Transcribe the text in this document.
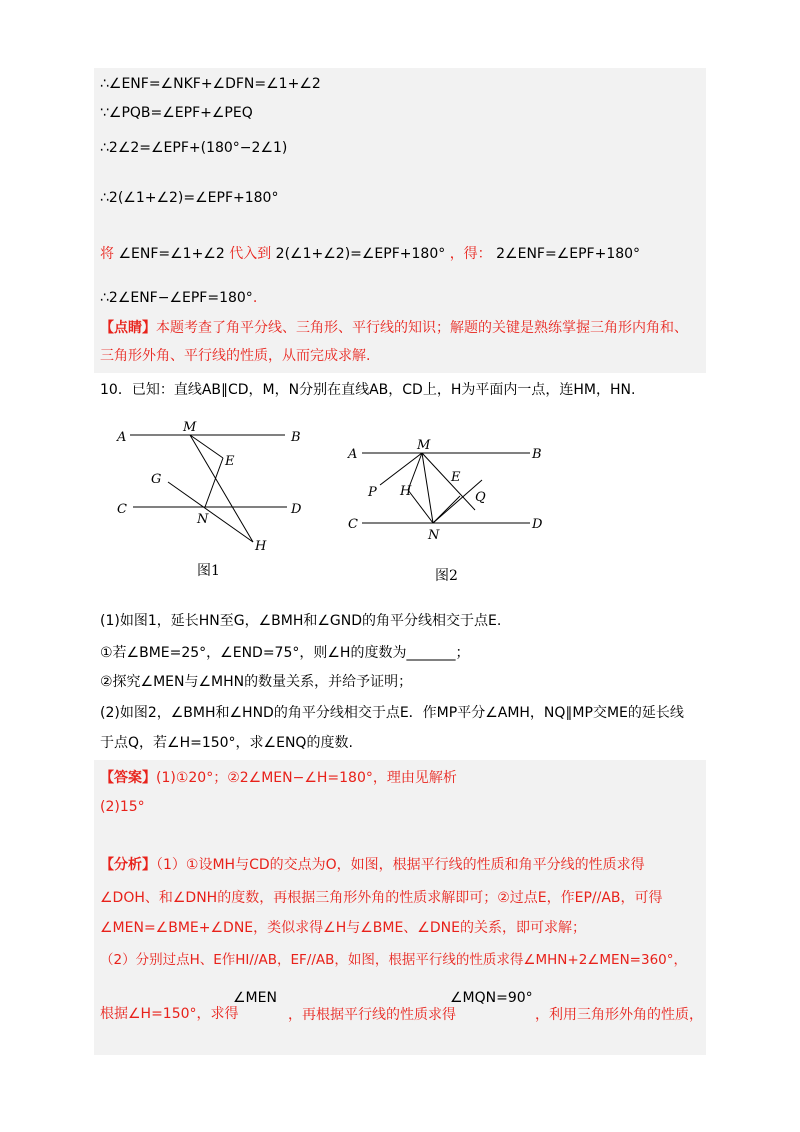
∴∠ENF=∠NKF+∠DFN=∠1+∠2
∵∠PQB=∠EPF+∠PEQ
∴2∠2=∠EPF+(180°−2∠1)
∴2(∠1+∠2)=∠EPF+180°
将 ∠ENF=∠1+∠2 代入到 2(∠1+∠2)=∠EPF+180° ，得： 2∠ENF=∠EPF+180°
∴2∠ENF−∠EPF=180°.
【点睛】本题考查了角平分线、三角形、平行线的知识；解题的关键是熟练掌握三角形内角和、
三角形外角、平行线的性质，从而完成求解.
10．已知：直线AB∥CD，M，N分别在直线AB，CD上，H为平面内一点，连HM，HN.
A	B
C	D
M
E
G
N
H
图1
A	B
C	D
M
E
P H	Q
N
图2
(1)如图1，延长HN至G，∠BMH和∠GND的角平分线相交于点E.
①若∠BME=25°，∠END=75°，则∠H的度数为_______；
②探究∠MEN与∠MHN的数量关系，并给予证明；
(2)如图2，∠BMH和∠HND的角平分线相交于点E．作MP平分∠AMH，NQ∥MP交ME的延长线
于点Q，若∠H=150°，求∠ENQ的度数.
【答案】(1)①20°；②2∠MEN−∠H=180°，理由见解析
(2)15°
【分析】（1）①设MH与CD的交点为O，如图，根据平行线的性质和角平分线的性质求得
∠DOH、和∠DNH的度数，再根据三角形外角的性质求解即可；②过点E，作EP//AB，可得
∠MEN=∠BME+∠DNE，类似求得∠H与∠BME、∠DNE的关系，即可求解；
（2）分别过点H、E作HI//AB，EF//AB，如图，根据平行线的性质求得∠MHN+2∠MEN=360°，
根据∠H=150°，求得
∠MEN
，再根据平行线的性质求得
∠MQN=90°
，利用三角形外角的性质，
